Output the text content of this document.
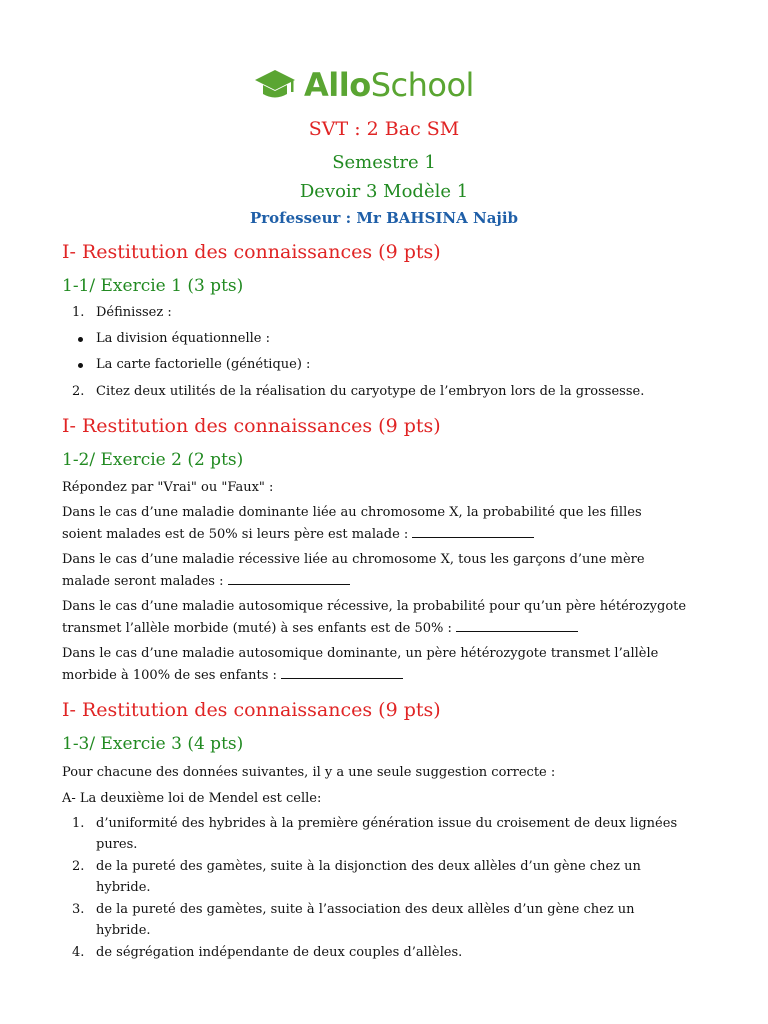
AlloSchool
SVT : 2 Bac SM
Semestre 1
Devoir 3 Modèle 1
Professeur : Mr BAHSINA Najib
I- Restitution des connaissances (9 pts)
1-1/ Exercie 1 (3 pts)
1. Définissez :
La division équationnelle :
La carte factorielle (génétique) :
2. Citez deux utilités de la réalisation du caryotype de l’embryon lors de la grossesse.
I- Restitution des connaissances (9 pts)
1-2/ Exercie 2 (2 pts)
Répondez par "Vrai" ou "Faux" :
Dans le cas d’une maladie dominante liée au chromosome X, la probabilité que les filles
soient malades est de 50% si leurs père est malade :
Dans le cas d’une maladie récessive liée au chromosome X, tous les garçons d’une mère
malade seront malades :
Dans le cas d’une maladie autosomique récessive, la probabilité pour qu’un père hétérozygote
transmet l’allèle morbide (muté) à ses enfants est de 50% :
Dans le cas d’une maladie autosomique dominante, un père hétérozygote transmet l’allèle
morbide à 100% de ses enfants :
I- Restitution des connaissances (9 pts)
1-3/ Exercie 3 (4 pts)
Pour chacune des données suivantes, il y a une seule suggestion correcte :
A- La deuxième loi de Mendel est celle:
1. d’uniformité des hybrides à la première génération issue du croisement de deux lignées
pures.
2. de la pureté des gamètes, suite à la disjonction des deux allèles d’un gène chez un
hybride.
3. de la pureté des gamètes, suite à l’association des deux allèles d’un gène chez un
hybride.
4. de ségrégation indépendante de deux couples d’allèles.
